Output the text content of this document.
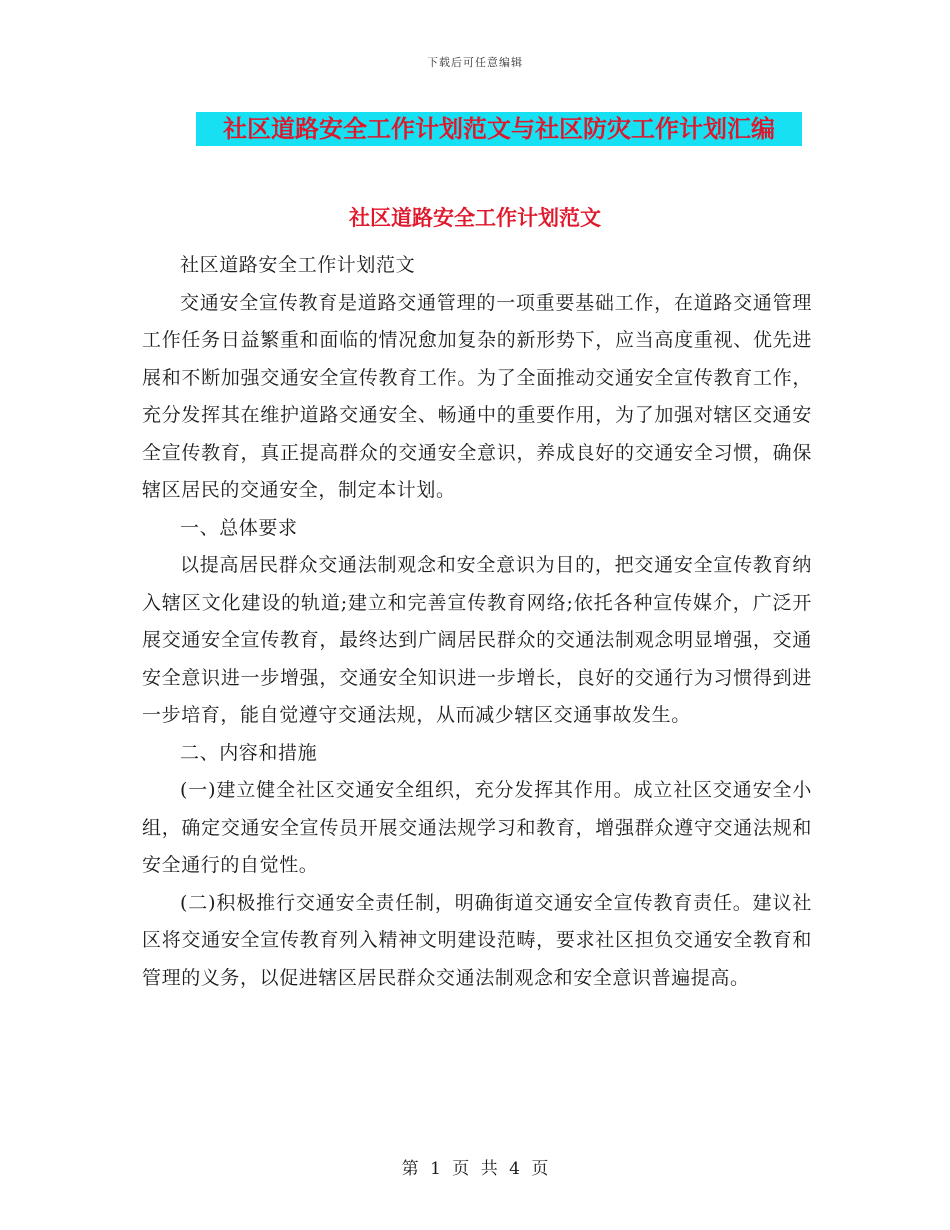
下载后可任意编辑
社区道路安全工作计划范文与社区防灾工作计划汇编
社区道路安全工作计划范文

社区道路安全工作计划范文

交通安全宣传教育是道路交通管理的一项重要基础工作，在道路交通管理工作任务日益繁重和面临的情况愈加复杂的新形势下，应当高度重视、优先进展和不断加强交通安全宣传教育工作。为了全面推动交通安全宣传教育工作，充分发挥其在维护道路交通安全、畅通中的重要作用，为了加强对辖区交通安全宣传教育，真正提高群众的交通安全意识，养成良好的交通安全习惯，确保辖区居民的交通安全，制定本计划。

一、总体要求

以提高居民群众交通法制观念和安全意识为目的，把交通安全宣传教育纳入辖区文化建设的轨道;建立和完善宣传教育网络;依托各种宣传媒介，广泛开展交通安全宣传教育，最终达到广阔居民群众的交通法制观念明显增强，交通安全意识进一步增强，交通安全知识进一步增长，良好的交通行为习惯得到进一步培育，能自觉遵守交通法规，从而减少辖区交通事故发生。

二、内容和措施

(一)建立健全社区交通安全组织，充分发挥其作用。成立社区交通安全小组，确定交通安全宣传员开展交通法规学习和教育，增强群众遵守交通法规和安全通行的自觉性。

(二)积极推行交通安全责任制，明确街道交通安全宣传教育责任。建议社区将交通安全宣传教育列入精神文明建设范畴，要求社区担负交通安全教育和管理的义务，以促进辖区居民群众交通法制观念和安全意识普遍提高。

第 1 页 共 4 页
